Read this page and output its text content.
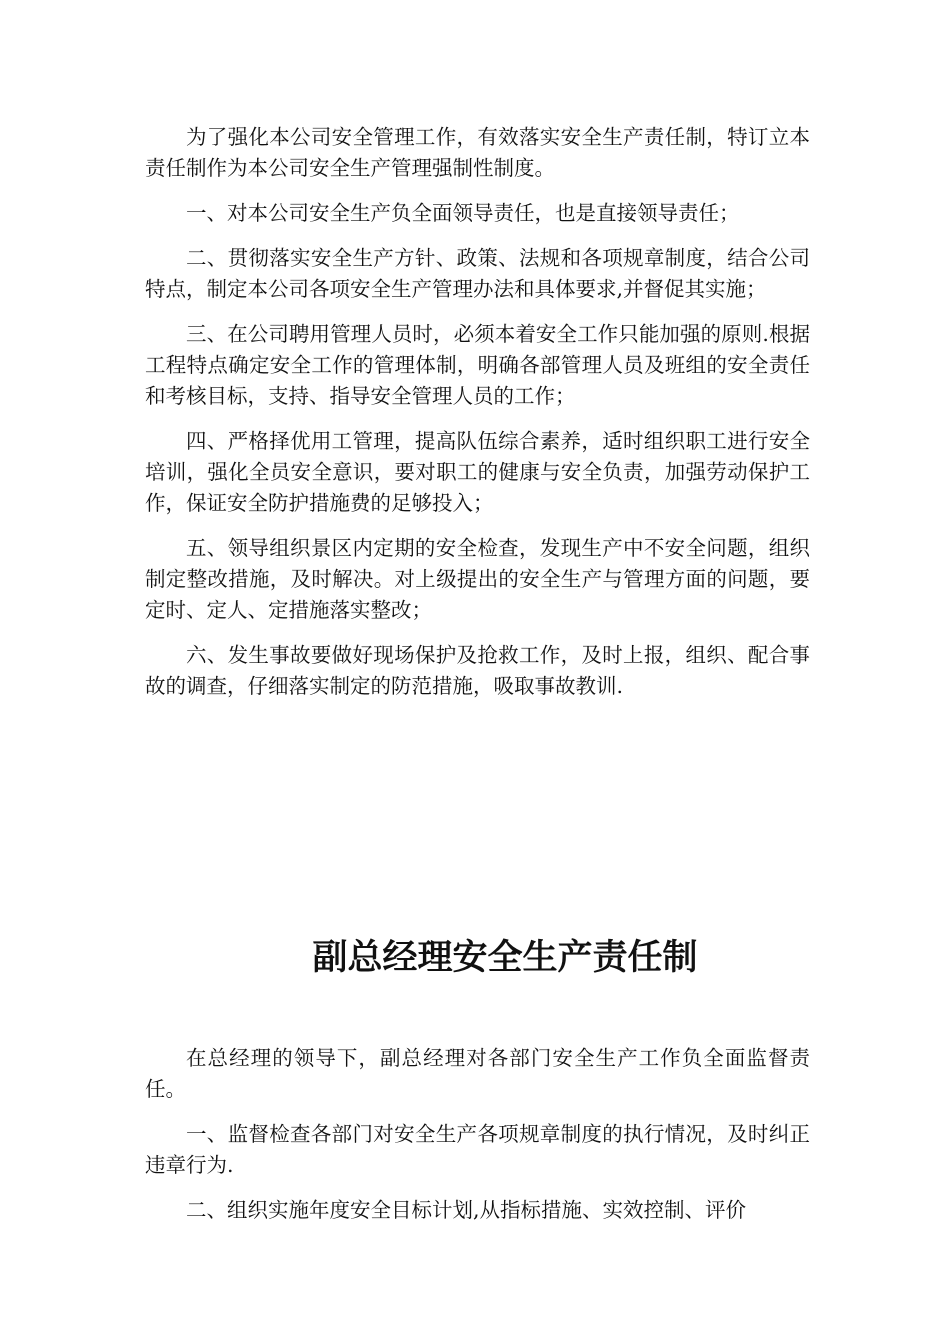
为了强化本公司安全管理工作，有效落实安全生产责任制，特订立本责任制作为本公司安全生产管理强制性制度。

一、对本公司安全生产负全面领导责任，也是直接领导责任；

二、贯彻落实安全生产方针、政策、法规和各项规章制度，结合公司特点，制定本公司各项安全生产管理办法和具体要求,并督促其实施；

三、在公司聘用管理人员时，必须本着安全工作只能加强的原则.根据工程特点确定安全工作的管理体制，明确各部管理人员及班组的安全责任和考核目标，支持、指导安全管理人员的工作；

四、严格择优用工管理，提高队伍综合素养，适时组织职工进行安全培训，强化全员安全意识，要对职工的健康与安全负责，加强劳动保护工作，保证安全防护措施费的足够投入；

五、领导组织景区内定期的安全检查，发现生产中不安全问题，组织制定整改措施，及时解决。对上级提出的安全生产与管理方面的问题，要定时、定人、定措施落实整改；

六、发生事故要做好现场保护及抢救工作，及时上报，组织、配合事故的调查，仔细落实制定的防范措施，吸取事故教训.

副总经理安全生产责任制

在总经理的领导下，副总经理对各部门安全生产工作负全面监督责任。

一、监督检查各部门对安全生产各项规章制度的执行情况，及时纠正违章行为.

二、组织实施年度安全目标计划,从指标措施、实效控制、评价
